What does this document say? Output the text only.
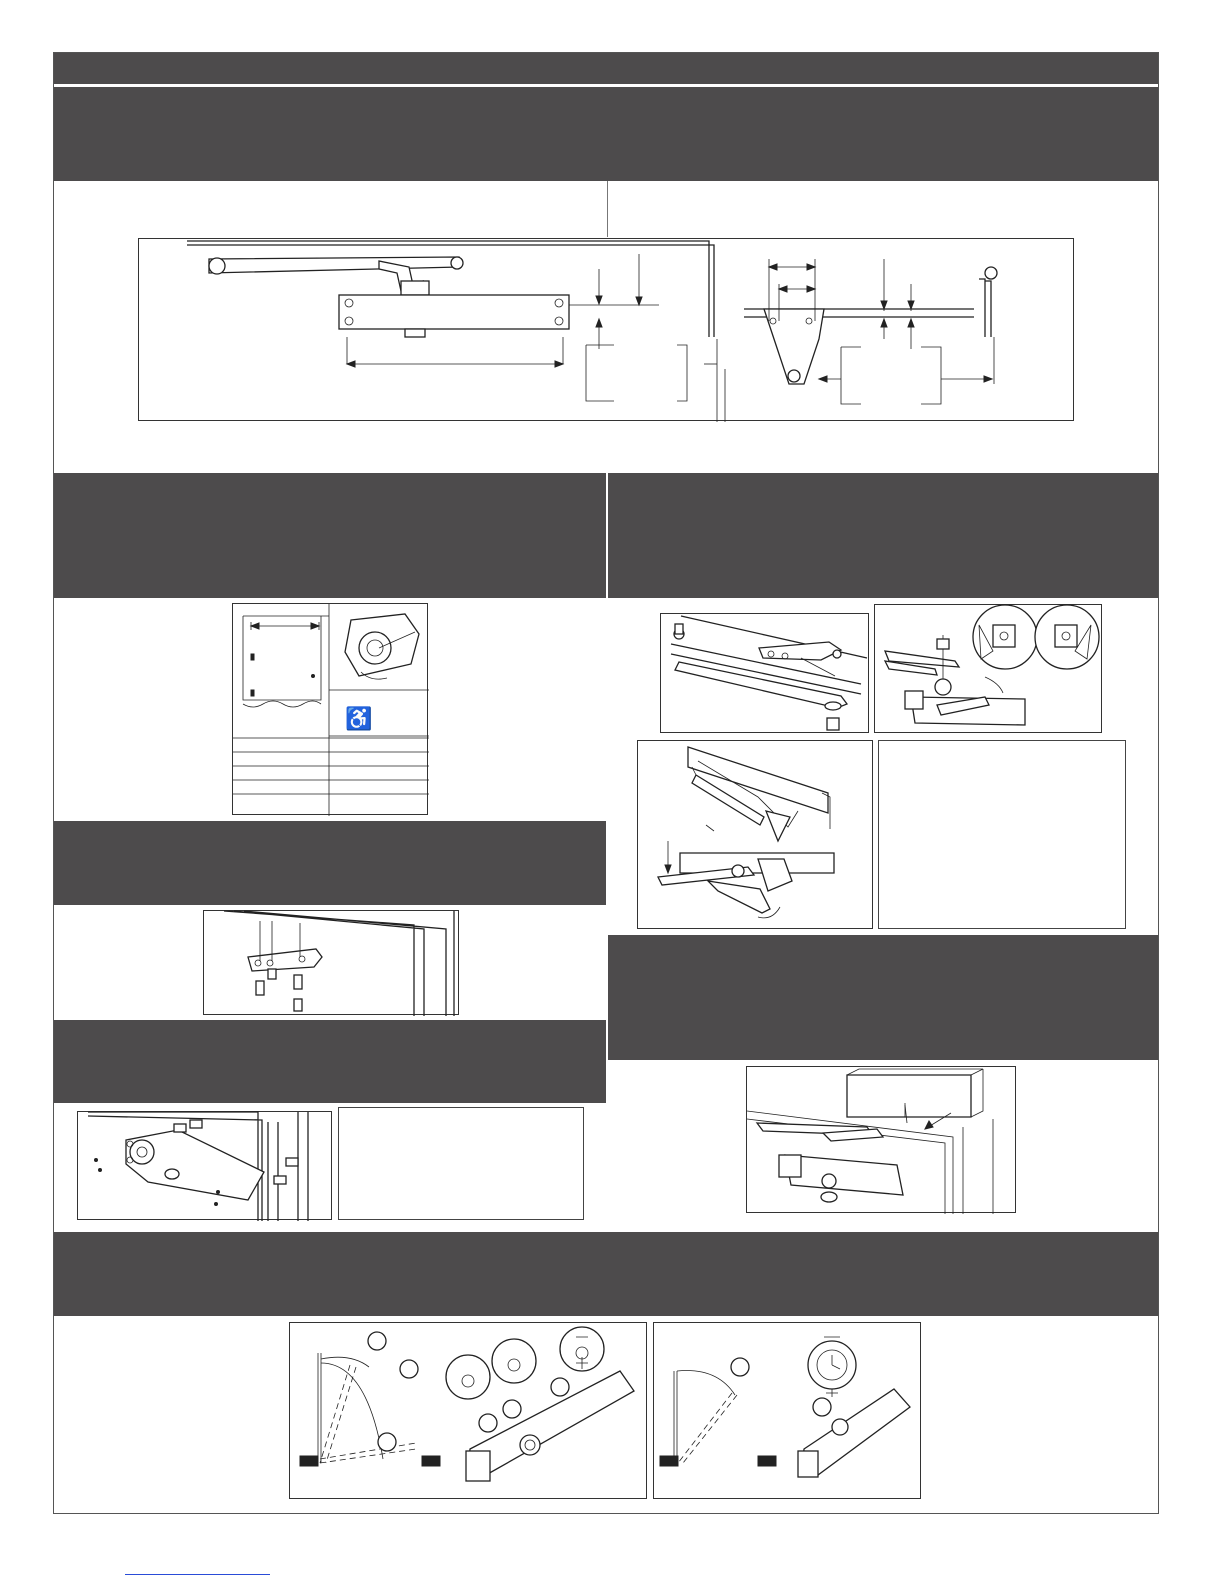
♿
